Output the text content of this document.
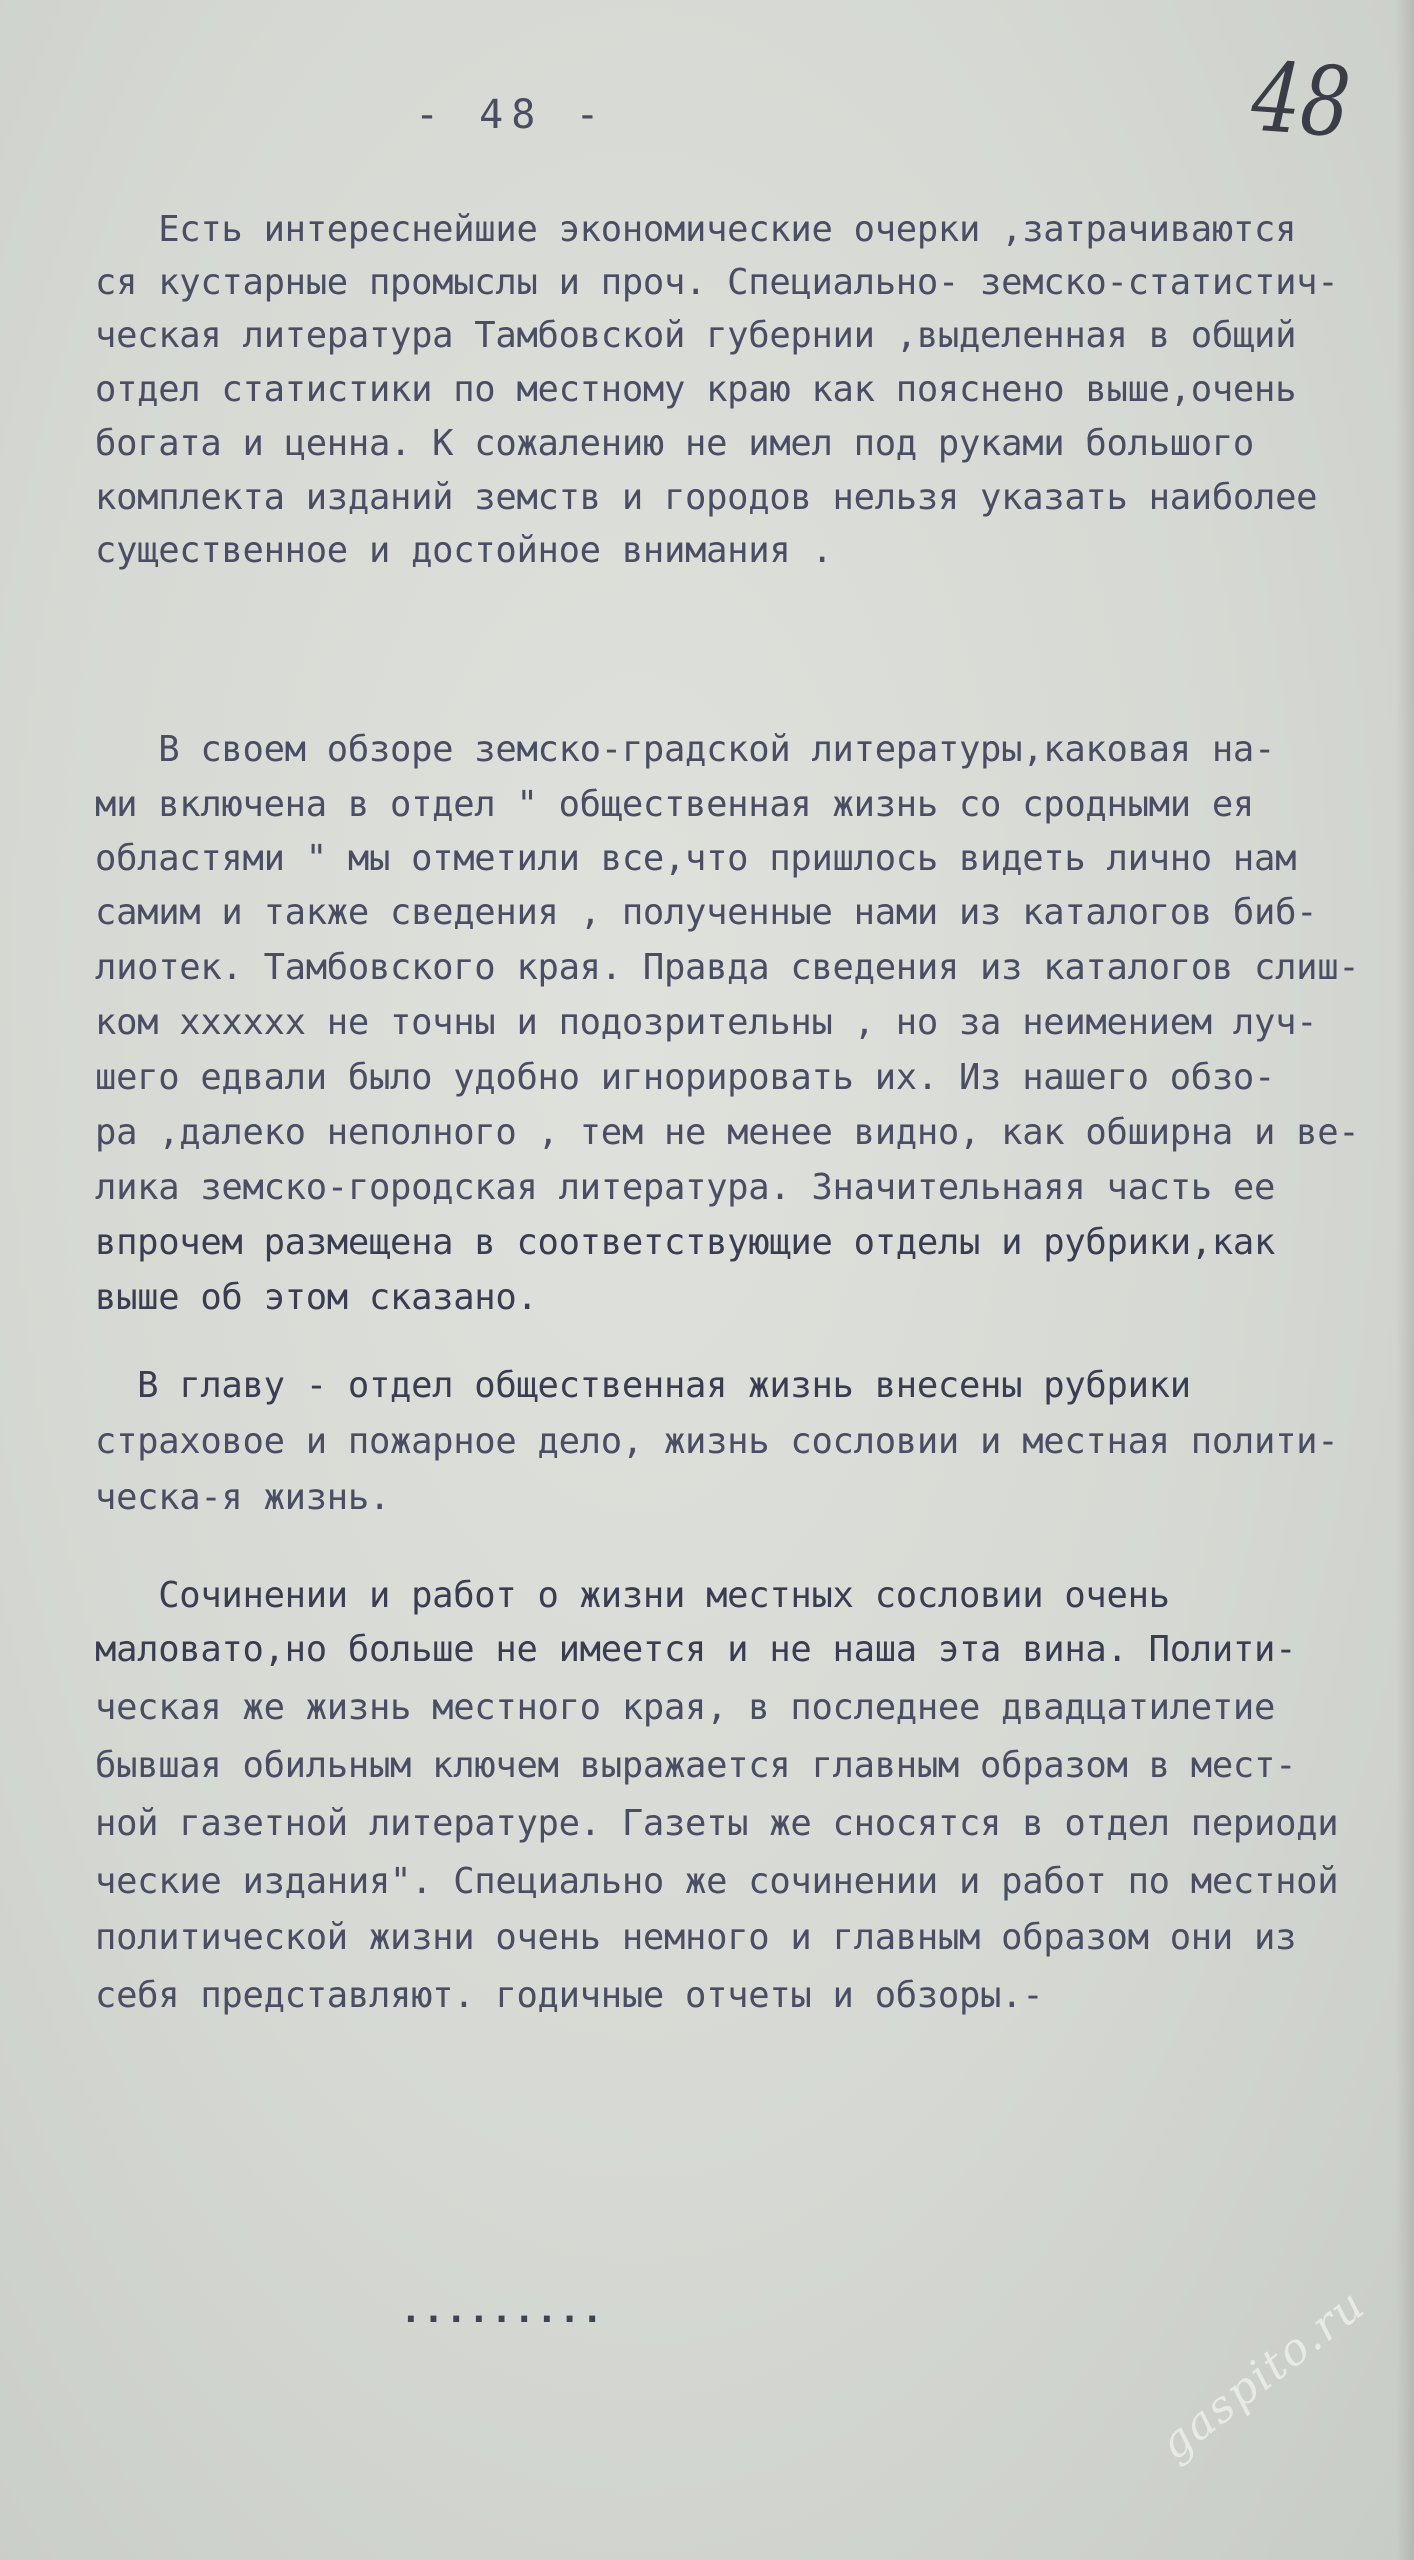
48
- 48 -
Есть интереснейшие экономические очерки ,затрачиваются
ся кустарные промыслы и проч. Специально- земско-статистич-
ческая литература Тамбовской губернии ,выделенная в общий
отдел статистики по местному краю как пояснено выше,очень
богата и ценна. К сожалению не имел под руками большого
комплекта изданий земств и городов нельзя указать наиболее
существенное и достойное внимания .
В своем обзоре земско-градской литературы,каковая на-
ми включена в отдел " общественная жизнь со сродными ея
областями " мы отметили все,что пришлось видеть лично нам
самим и также сведения , полученные нами из каталогов биб-
лиотек. Тамбовского края. Правда сведения из каталогов слиш-
ком хххххх не точны и подозрительны , но за неимением луч-
шего едвали было удобно игнорировать их. Из нашего обзо-
ра ,далеко неполного , тем не менее видно, как обширна и ве-
лика земско-городская литература. Значительнаяя часть ее
впрочем размещена в соответствующие отделы и рубрики,как
выше об этом сказано.
В главу - отдел общественная жизнь внесены рубрики
страховое и пожарное дело, жизнь сословии и местная полити-
ческа-я жизнь.
Сочинении и работ о жизни местных сословии очень
маловато,но больше не имеется и не наша эта вина. Полити-
ческая же жизнь местного края, в последнее двадцатилетие
бывшая обильным ключем выражается главным образом в мест-
ной газетной литературе. Газеты же сносятся в отдел периоди
ческие издания". Специально же сочинении и работ по местной
политической жизни очень немного и главным образом они из
себя представляют. годичные отчеты и обзоры.-
.........	gaspito.ru
